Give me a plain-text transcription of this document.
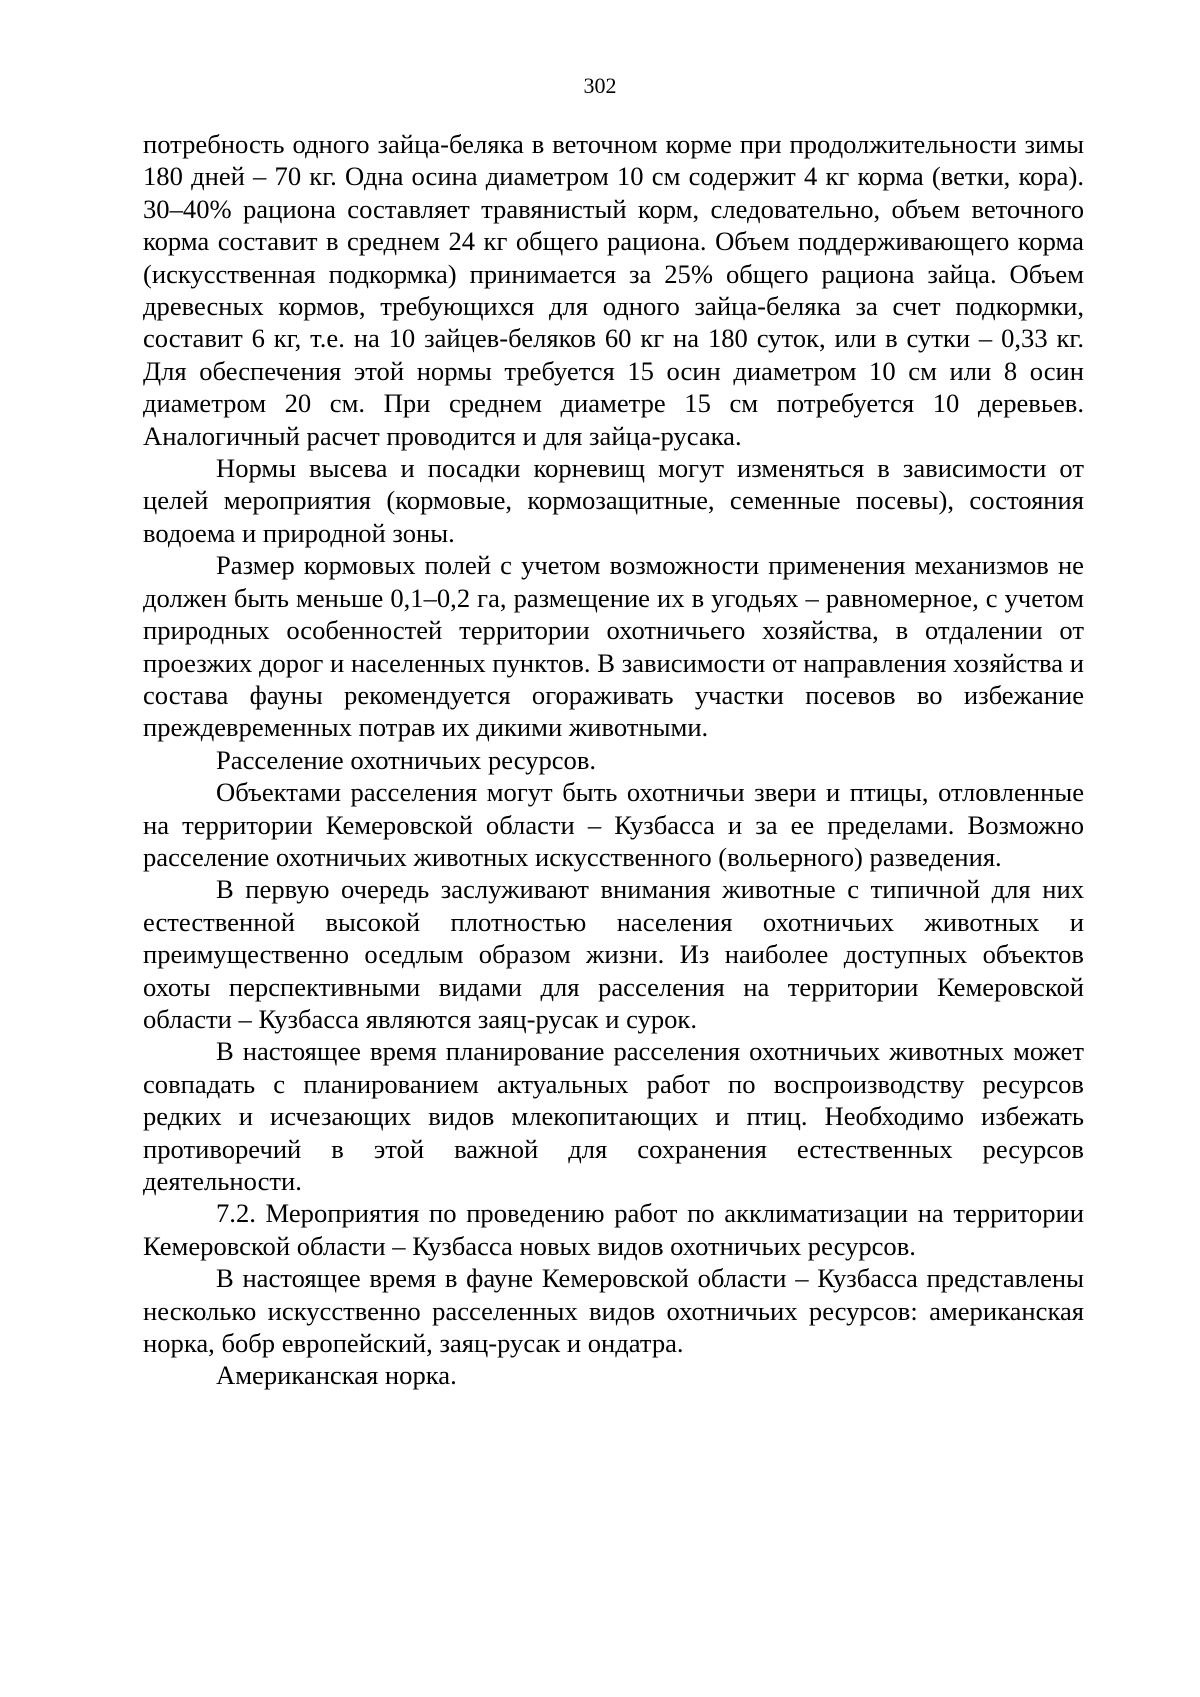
302

потребность одного зайца-беляка в веточном корме при продолжительности зимы 180 дней – 70 кг. Одна осина диаметром 10 см содержит 4 кг корма (ветки, кора). 30–40% рациона составляет травянистый корм, следовательно, объем веточного корма составит в среднем 24 кг общего рациона. Объем поддерживающего корма (искусственная подкормка) принимается за 25% общего рациона зайца. Объем древесных кормов, требующихся для одного зайца-беляка за счет подкормки, составит 6 кг, т.е. на 10 зайцев-беляков 60 кг на 180 суток, или в сутки – 0,33 кг. Для обеспечения этой нормы требуется 15 осин диаметром 10 см или 8 осин диаметром 20 см. При среднем диаметре 15 см потребуется 10 деревьев. Аналогичный расчет проводится и для зайца-русака.

Нормы высева и посадки корневищ могут изменяться в зависимости от целей мероприятия (кормовые, кормозащитные, семенные посевы), состояния водоема и природной зоны.

Размер кормовых полей с учетом возможности применения механизмов не должен быть меньше 0,1–0,2 га, размещение их в угодьях – равномерное, с учетом природных особенностей территории охотничьего хозяйства, в отдалении от проезжих дорог и населенных пунктов. В зависимости от направления хозяйства и состава фауны рекомендуется огораживать участки посевов во избежание преждевременных потрав их дикими животными.

Расселение охотничьих ресурсов.

Объектами расселения могут быть охотничьи звери и птицы, отловленные на территории Кемеровской области – Кузбасса и за ее пределами. Возможно расселение охотничьих животных искусственного (вольерного) разведения.

В первую очередь заслуживают внимания животные с типичной для них естественной высокой плотностью населения охотничьих животных и преимущественно оседлым образом жизни. Из наиболее доступных объектов охоты перспективными видами для расселения на территории Кемеровской области – Кузбасса являются заяц-русак и сурок.

В настоящее время планирование расселения охотничьих животных может совпадать с планированием актуальных работ по воспроизводству ресурсов редких и исчезающих видов млекопитающих и птиц. Необходимо избежать противоречий в этой важной для сохранения естественных ресурсов деятельности.

7.2. Мероприятия по проведению работ по акклиматизации на территории Кемеровской области – Кузбасса новых видов охотничьих ресурсов.

В настоящее время в фауне Кемеровской области – Кузбасса представлены несколько искусственно расселенных видов охотничьих ресурсов: американская норка, бобр европейский, заяц-русак и ондатра.

Американская норка.
